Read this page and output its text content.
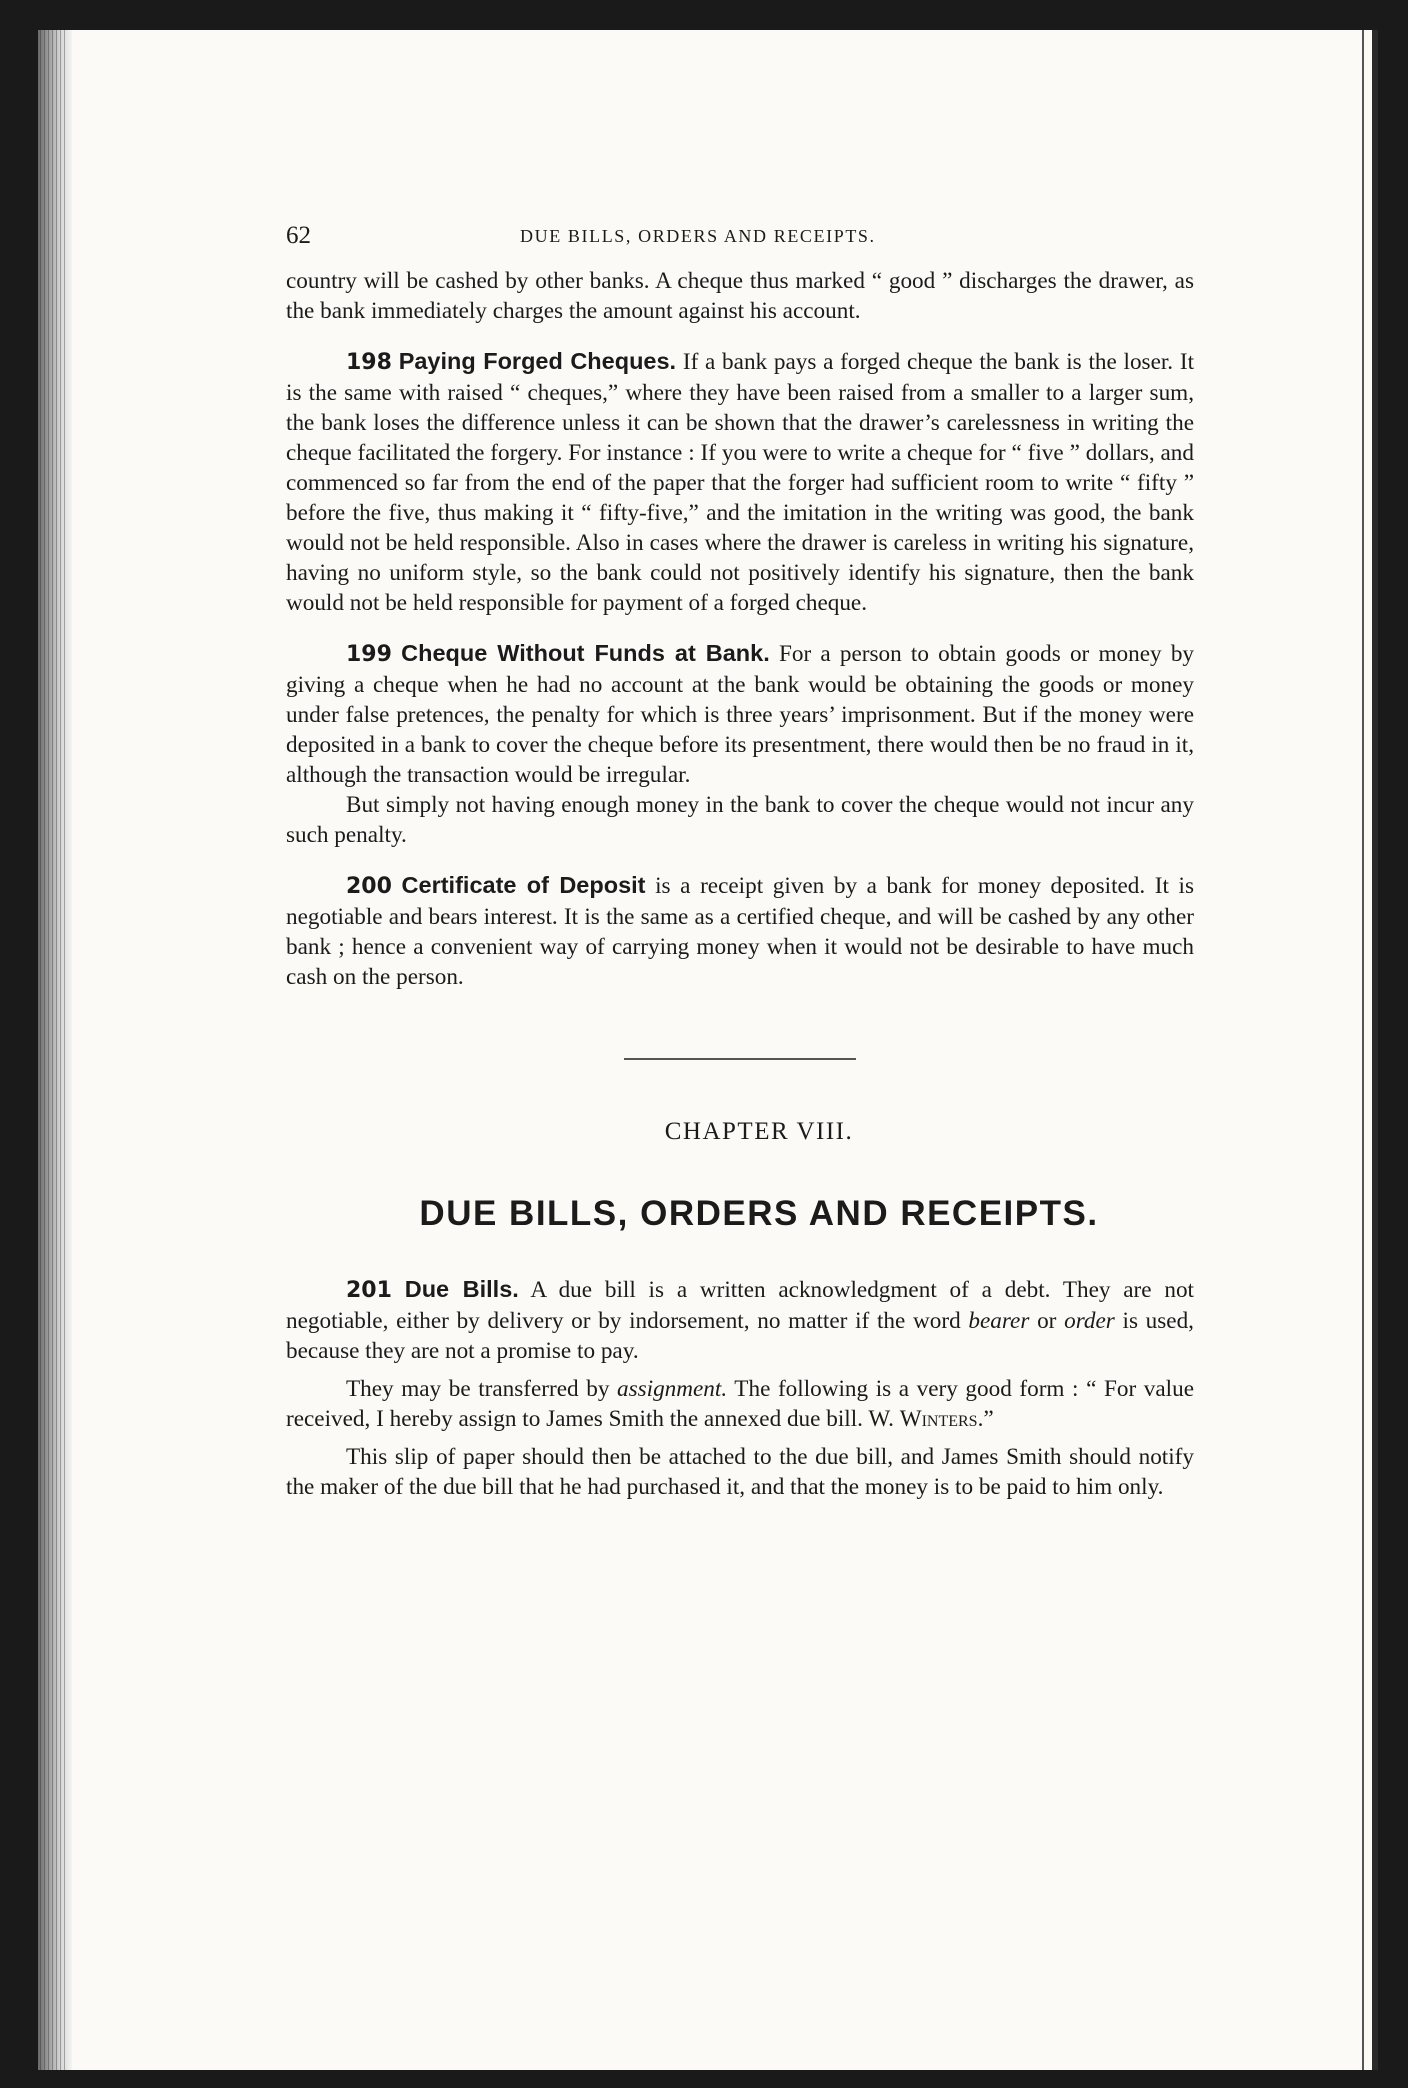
62	DUE BILLS, ORDERS AND RECEIPTS.

country will be cashed by other banks. A cheque thus marked “ good ” discharges the drawer, as the bank immediately charges the amount against his account.

198 Paying Forged Cheques. If a bank pays a forged cheque the bank is the loser. It is the same with raised “ cheques,” where they have been raised from a smaller to a larger sum, the bank loses the difference unless it can be shown that the drawer’s carelessness in writing the cheque facilitated the forgery. For instance : If you were to write a cheque for “ five ” dollars, and commenced so far from the end of the paper that the forger had sufficient room to write “ fifty ” before the five, thus making it “ fifty-five,” and the imitation in the writing was good, the bank would not be held responsible. Also in cases where the drawer is careless in writing his signature, having no uniform style, so the bank could not positively identify his signature, then the bank would not be held responsible for payment of a forged cheque.

199 Cheque Without Funds at Bank. For a person to obtain goods or money by giving a cheque when he had no account at the bank would be obtaining the goods or money under false pretences, the penalty for which is three years’ imprisonment. But if the money were deposited in a bank to cover the cheque before its presentment, there would then be no fraud in it, although the transaction would be irregular.

But simply not having enough money in the bank to cover the cheque would not incur any such penalty.

200 Certificate of Deposit is a receipt given by a bank for money deposited. It is negotiable and bears interest. It is the same as a certified cheque, and will be cashed by any other bank ; hence a convenient way of carrying money when it would not be desirable to have much cash on the person.

CHAPTER VIII.
DUE BILLS, ORDERS AND RECEIPTS.

201 Due Bills. A due bill is a written acknowledgment of a debt. They are not negotiable, either by delivery or by indorsement, no matter if the word bearer or order is used, because they are not a promise to pay.

They may be transferred by assignment. The following is a very good form : “ For value received, I hereby assign to James Smith the annexed due bill. W. Winters.”

This slip of paper should then be attached to the due bill, and James Smith should notify the maker of the due bill that he had purchased it, and that the money is to be paid to him only.
